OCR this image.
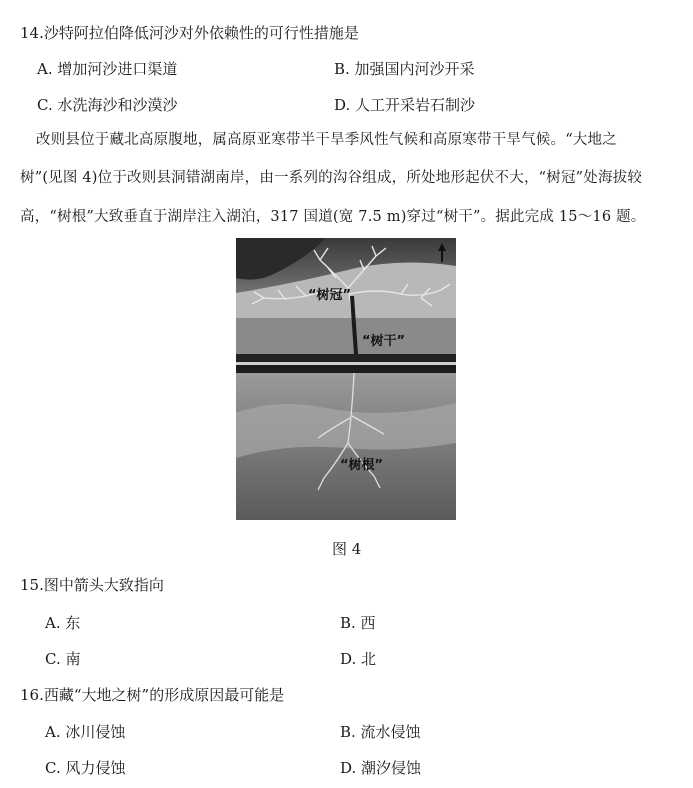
14.沙特阿拉伯降低河沙对外依赖性的可行性措施是
A. 增加河沙进口渠道	B. 加强国内河沙开采
C. 水洗海沙和沙漠沙	D. 人工开采岩石制沙
改则县位于藏北高原腹地，属高原亚寒带半干旱季风性气候和高原寒带干旱气候。“大地之
树”(见图 4)位于改则县洞错湖南岸，由一系列的沟谷组成，所处地形起伏不大，“树冠”处海拔较
高，“树根”大致垂直于湖岸注入湖泊，317 国道(宽 7.5 m)穿过“树干”。据此完成 15～16 题。
“树冠”
“树干”
“树根”
图 4
15.图中箭头大致指向
A. 东	B. 西
C. 南	D. 北
16.西藏“大地之树”的形成原因最可能是
A. 冰川侵蚀	B. 流水侵蚀
C. 风力侵蚀	D. 潮汐侵蚀
